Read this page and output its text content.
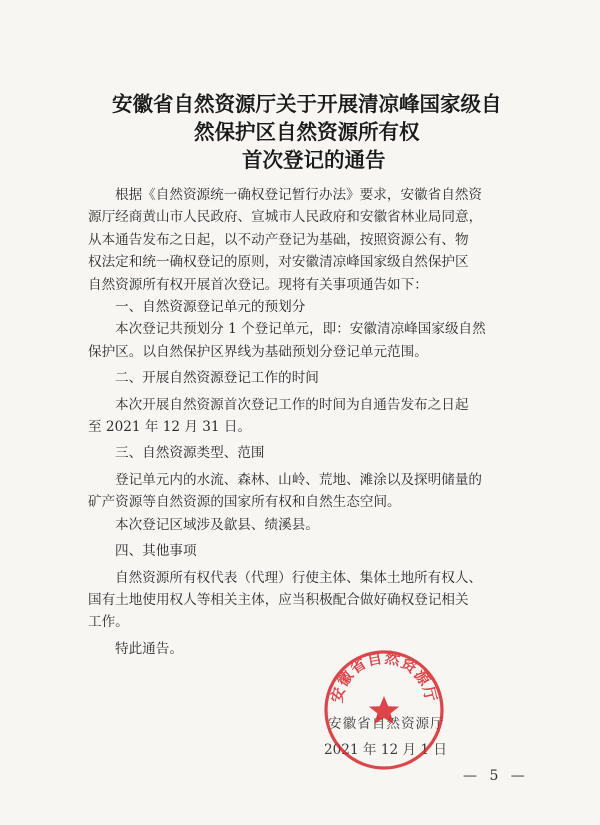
安徽省自然资源厅关于开展清凉峰国家级自
然保护区自然资源所有权
首次登记的通告

根据《自然资源统一确权登记暂行办法》要求，安徽省自然资

源厅经商黄山市人民政府、宣城市人民政府和安徽省林业局同意，

从本通告发布之日起，以不动产登记为基础，按照资源公有、物

权法定和统一确权登记的原则，对安徽清凉峰国家级自然保护区

自然资源所有权开展首次登记。现将有关事项通告如下：

一、自然资源登记单元的预划分

本次登记共预划分 1 个登记单元，即：安徽清凉峰国家级自然

保护区。以自然保护区界线为基础预划分登记单元范围。

二、开展自然资源登记工作的时间

本次开展自然资源首次登记工作的时间为自通告发布之日起

至 2021 年 12 月 31 日。

三、自然资源类型、范围

登记单元内的水流、森林、山岭、荒地、滩涂以及探明储量的

矿产资源等自然资源的国家所有权和自然生态空间。

本次登记区域涉及歙县、绩溪县。

四、其他事项

自然资源所有权代表（代理）行使主体、集体土地所有权人、

国有土地使用权人等相关主体，应当积极配合做好确权登记相关

工作。

特此通告。

安徽省自然资源厅
2021 年 12 月 1 日
安徽省自然资源厅
— 5 —
